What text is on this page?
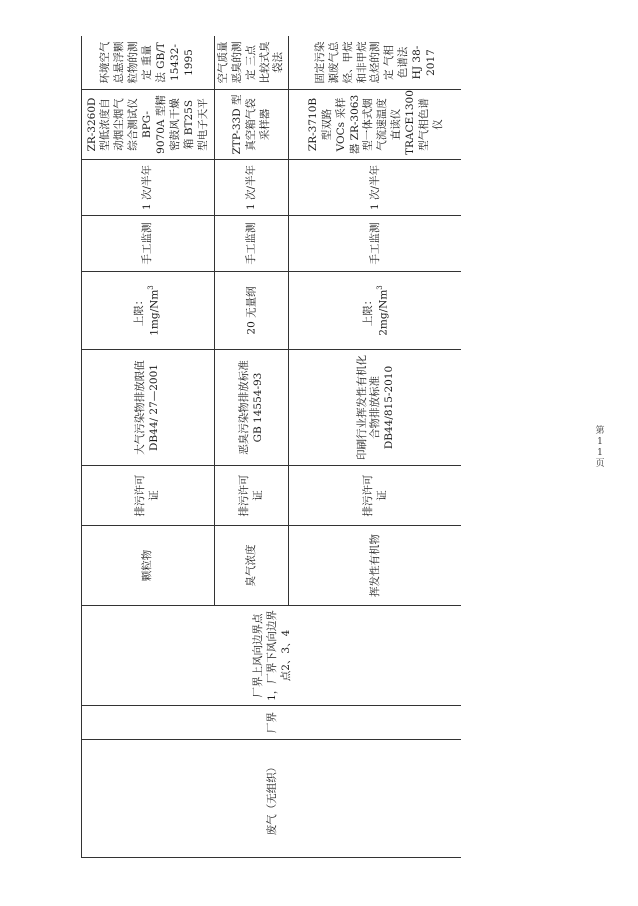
废气（无组织）	厂界	厂界上风向边界点1，厂界下风向边界点2、3、4	颗粒物	排污许可证	大气污染物排放限值 DB44/ 27—2001	上限： 1mg/Nm$^3$	手工监测	1 次/半年	ZR-3260D 型低浓度自动烟尘烟气综合测试仪 BPG-9070A 型精密鼓风干燥箱 BT25S 型电子天平	环境空气 总悬浮颗粒物的测定 重量法 GB/T 15432-1995
			臭气浓度	排污许可证	恶臭污染物排放标准 GB 14554-93	20 无量纲	手工监测	1 次/半年	ZTP-33D 型真空箱气袋采样器	空气质量 恶臭的测定 三点比较式臭袋法
			挥发性有机物	排污许可证	印刷行业挥发性有机化合物排放标准 DB44/815-2010	上限： 2mg/Nm$^3$	手工监测	1 次/半年	ZR-3710B 型双路 VOCs 采样器 ZR-3063 型一体式烟气流速温度直读仪 TRACE1300 型气相色谱仪	固定污染源废气总烃、甲烷和非甲烷总烃的测定 气相色谱法 HJ 38-2017
第
1
1
页
